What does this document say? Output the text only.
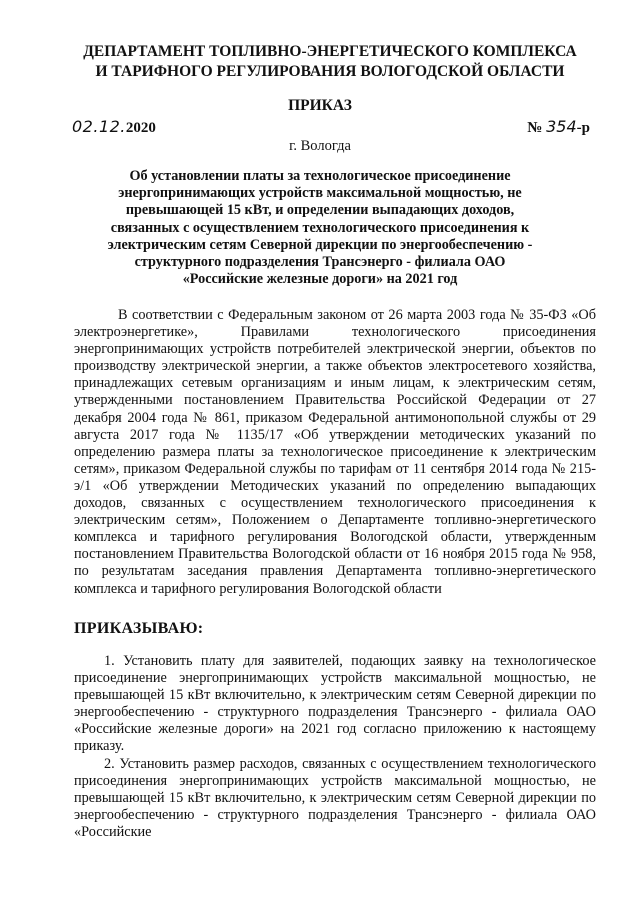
ДЕПАРТАМЕНТ ТОПЛИВНО-ЭНЕРГЕТИЧЕСКОГО КОМПЛЕКСА
И ТАРИФНОГО РЕГУЛИРОВАНИЯ ВОЛОГОДСКОЙ ОБЛАСТИ
ПРИКАЗ
02.12.2020	№ 354-р
г. Вологда
Об установлении платы за технологическое присоединение энергопринимающих устройств максимальной мощностью, не превышающей 15 кВт, и определении выпадающих доходов, связанных с осуществлением технологического присоединения к электрическим сетям Северной дирекции по энергообеспечению - структурного подразделения Трансэнерго - филиала ОАО «Российские железные дороги» на 2021 год

В соответствии с Федеральным законом от 26 марта 2003 года № 35-ФЗ «Об электроэнергетике», Правилами технологического присоединения энергопринимающих устройств потребителей электрической энергии, объектов по производству электрической энергии, а также объектов электросетевого хозяйства, принадлежащих сетевым организациям и иным лицам, к электрическим сетям, утвержденными постановлением Правительства Российской Федерации от 27 декабря 2004 года № 861, приказом Федеральной антимонопольной службы от 29 августа 2017 года № 1135/17 «Об утверждении методических указаний по определению размера платы за технологическое присоединение к электрическим сетям», приказом Федеральной службы по тарифам от 11 сентября 2014 года № 215-э/1 «Об утверждении Методических указаний по определению выпадающих доходов, связанных с осуществлением технологического присоединения к электрическим сетям», Положением о Департаменте топливно-энергетического комплекса и тарифного регулирования Вологодской области, утвержденным постановлением Правительства Вологодской области от 16 ноября 2015 года № 958, по результатам заседания правления Департамента топливно-энергетического комплекса и тарифного регулирования Вологодской области

ПРИКАЗЫВАЮ:

1. Установить плату для заявителей, подающих заявку на технологическое присоединение энергопринимающих устройств максимальной мощностью, не превышающей 15 кВт включительно, к электрическим сетям Северной дирекции по энергообеспечению - структурного подразделения Трансэнерго - филиала ОАО «Российские железные дороги» на 2021 год согласно приложению к настоящему приказу.

2. Установить размер расходов, связанных с осуществлением технологического присоединения энергопринимающих устройств максимальной мощностью, не превышающей 15 кВт включительно, к электрическим сетям Северной дирекции по энергообеспечению - структурного подразделения Трансэнерго - филиала ОАО «Российские
